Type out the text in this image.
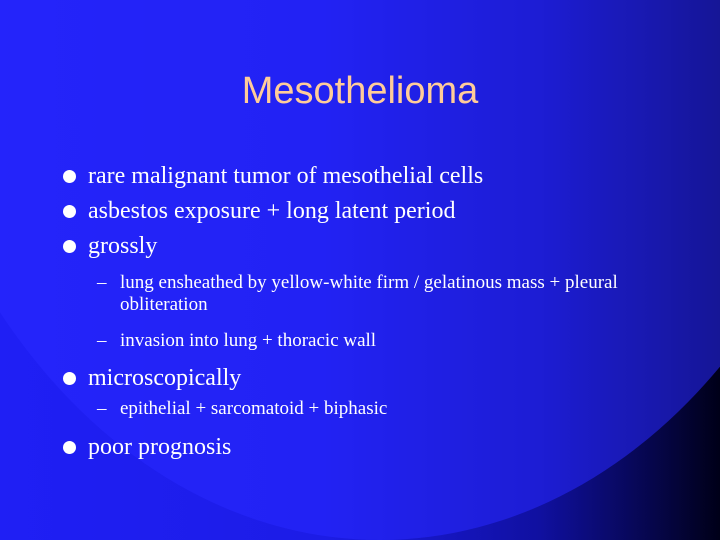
Mesothelioma
rare malignant tumor of mesothelial cells
asbestos exposure + long latent period
grossly
– lung ensheathed by yellow-white firm / gelatinous mass + pleural obliteration
– invasion into lung + thoracic wall
microscopically
– epithelial + sarcomatoid + biphasic
poor prognosis
